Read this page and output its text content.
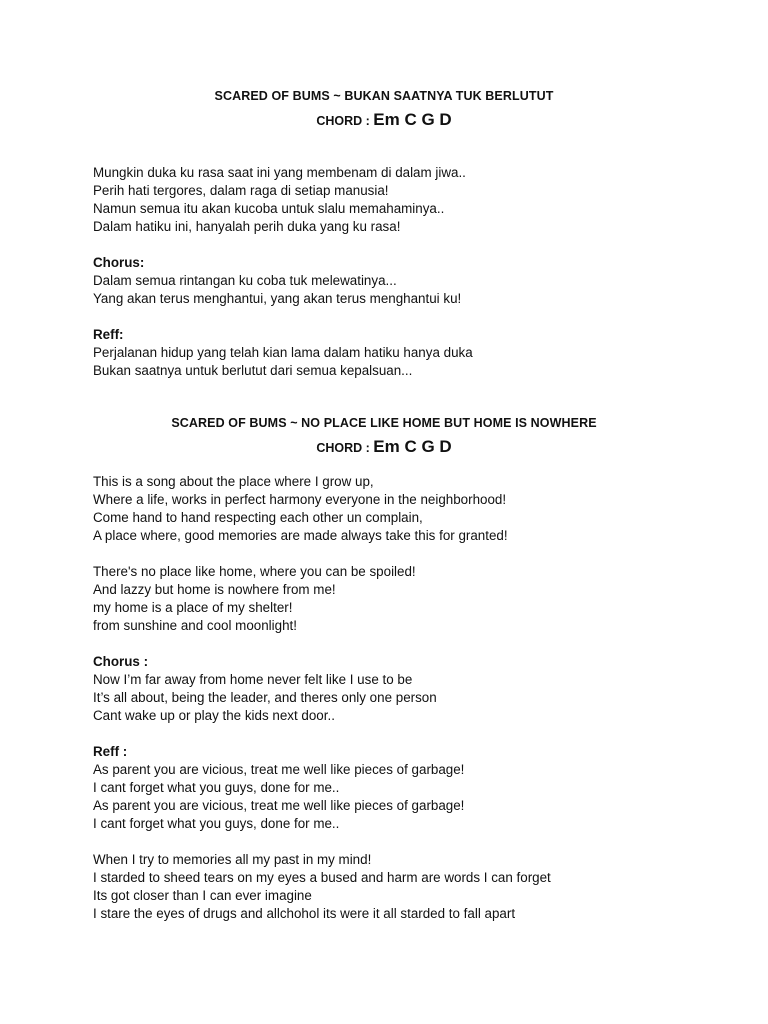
SCARED OF BUMS ~ BUKAN SAATNYA TUK BERLUTUT

CHORD : Em C G D

Mungkin duka ku rasa saat ini yang membenam di dalam jiwa..
Perih hati tergores, dalam raga di setiap manusia!
Namun semua itu akan kucoba untuk slalu memahaminya..
Dalam hatiku ini, hanyalah perih duka yang ku rasa!
Chorus:
Dalam semua rintangan ku coba tuk melewatinya...
Yang akan terus menghantui, yang akan terus menghantui ku!
Reff:
Perjalanan hidup yang telah kian lama dalam hatiku hanya duka
Bukan saatnya untuk berlutut dari semua kepalsuan...
SCARED OF BUMS ~ NO PLACE LIKE HOME BUT HOME IS NOWHERE

CHORD : Em C G D

This is a song about the place where I grow up,
Where a life, works in perfect harmony everyone in the neighborhood!
Come hand to hand respecting each other un complain,
A place where, good memories are made always take this for granted!
There's no place like home, where you can be spoiled!
And lazzy but home is nowhere from me!
my home is a place of my shelter!
from sunshine and cool moonlight!
Chorus :
Now I’m far away from home never felt like I use to be
It’s all about, being the leader, and theres only one person
Cant wake up or play the kids next door..
Reff :
As parent you are vicious, treat me well like pieces of garbage!
I cant forget what you guys, done for me..
As parent you are vicious, treat me well like pieces of garbage!
I cant forget what you guys, done for me..
When I try to memories all my past in my mind!
I starded to sheed tears on my eyes a bused and harm are words I can forget
Its got closer than I can ever imagine
I stare the eyes of drugs and allchohol its were it all starded to fall apart
